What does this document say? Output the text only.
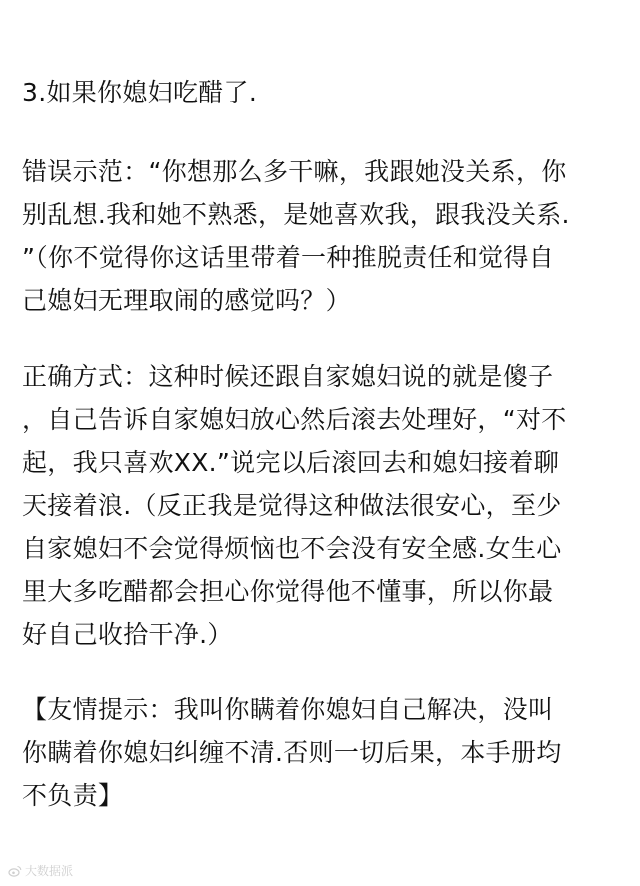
3.如果你媳妇吃醋了.
错误示范：“你想那么多干嘛，我跟她没关系，你
别乱想.我和她不熟悉，是她喜欢我，跟我没关系.
”（你不觉得你这话里带着一种推脱责任和觉得自
己媳妇无理取闹的感觉吗？）
正确方式：这种时候还跟自家媳妇说的就是傻子
，自己告诉自家媳妇放心然后滚去处理好，“对不
起，我只喜欢XX.”说完以后滚回去和媳妇接着聊
天接着浪.（反正我是觉得这种做法很安心，至少
自家媳妇不会觉得烦恼也不会没有安全感.女生心
里大多吃醋都会担心你觉得他不懂事，所以你最
好自己收拾干净.）
【友情提示：我叫你瞒着你媳妇自己解决，没叫
你瞒着你媳妇纠缠不清.否则一切后果，本手册均
不负责】
大数据派
